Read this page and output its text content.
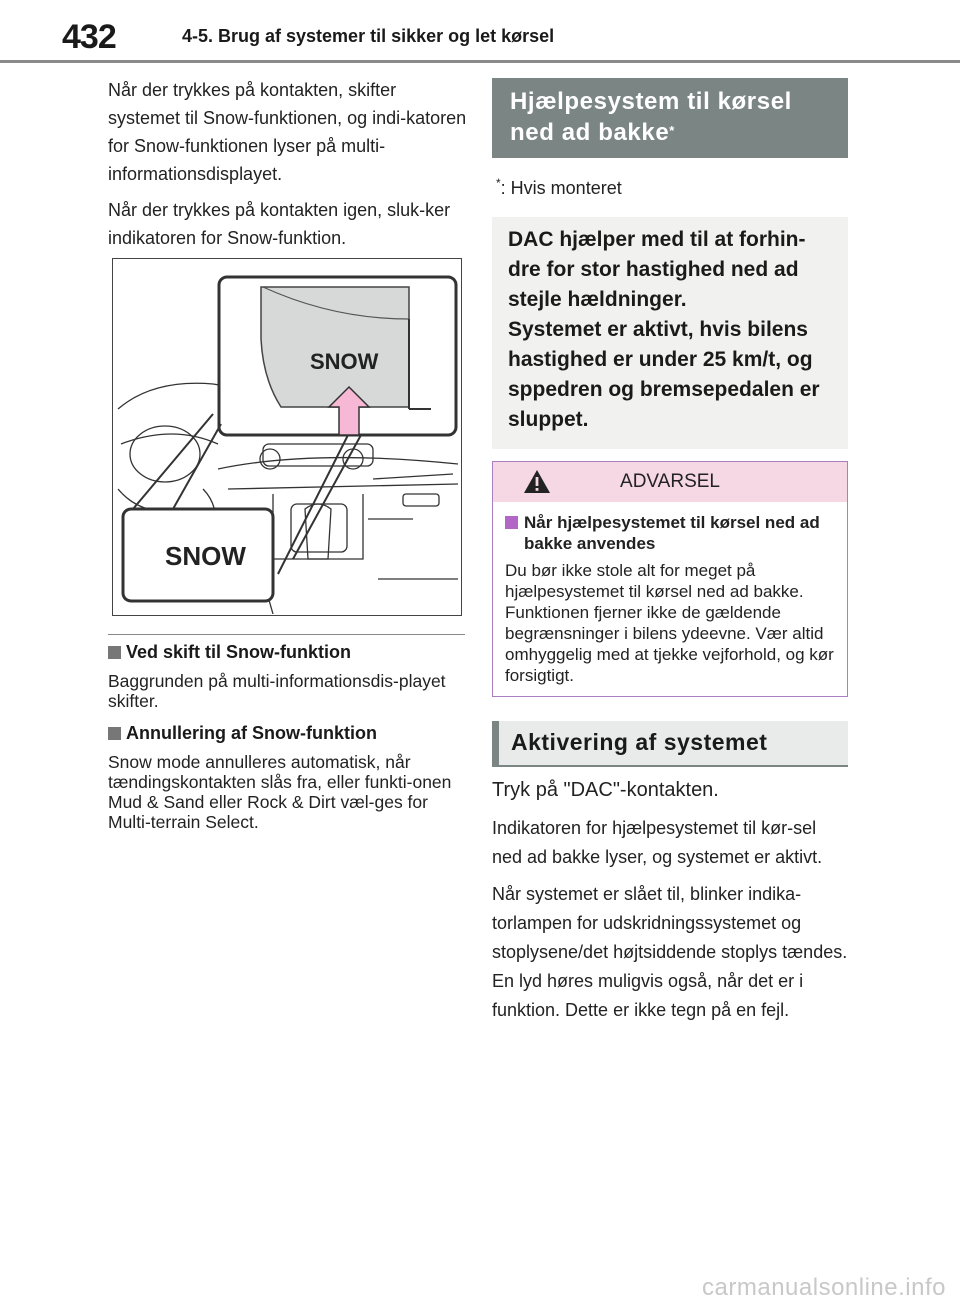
432	4-5. Brug af systemer til sikker og let kørsel

Når der trykkes på kontakten, skifter systemet til Snow-funktionen, og indi-katoren for Snow-funktionen lyser på multi-informationsdisplayet.

Når der trykkes på kontakten igen, sluk-ker indikatoren for Snow-funktion.

SNOW
SNOW
Ved skift til Snow-funktion

Baggrunden på multi-informationsdis-playet skifter.

Annullering af Snow-funktion

Snow mode annulleres automatisk, når tændingskontakten slås fra, eller funkti-onen Mud & Sand eller Rock & Dirt væl-ges for Multi-terrain Select.

Hjælpesystem til kørsel ned ad bakke*

*: Hvis monteret

DAC hjælper med til at forhin-dre for stor hastighed ned ad stejle hældninger.

Systemet er aktivt, hvis bilens hastighed er under 25 km/t, og sppedren og bremsepedalen er sluppet.

ADVARSEL
Når hjælpesystemet til kørsel ned ad bakke anvendes

Du bør ikke stole alt for meget på hjælpesystemet til kørsel ned ad bakke. Funktionen fjerner ikke de gældende begrænsninger i bilens ydeevne. Vær altid omhyggelig med at tjekke vejforhold, og kør forsigtigt.

Aktivering af systemet

Tryk på "DAC"-kontakten.

Indikatoren for hjælpesystemet til kør-sel ned ad bakke lyser, og systemet er aktivt.

Når systemet er slået til, blinker indika-torlampen for udskridningssystemet og stoplysene/det højtsiddende stoplys tændes. En lyd høres muligvis også, når det er i funktion. Dette er ikke tegn på en fejl.

carmanualsonline.info
